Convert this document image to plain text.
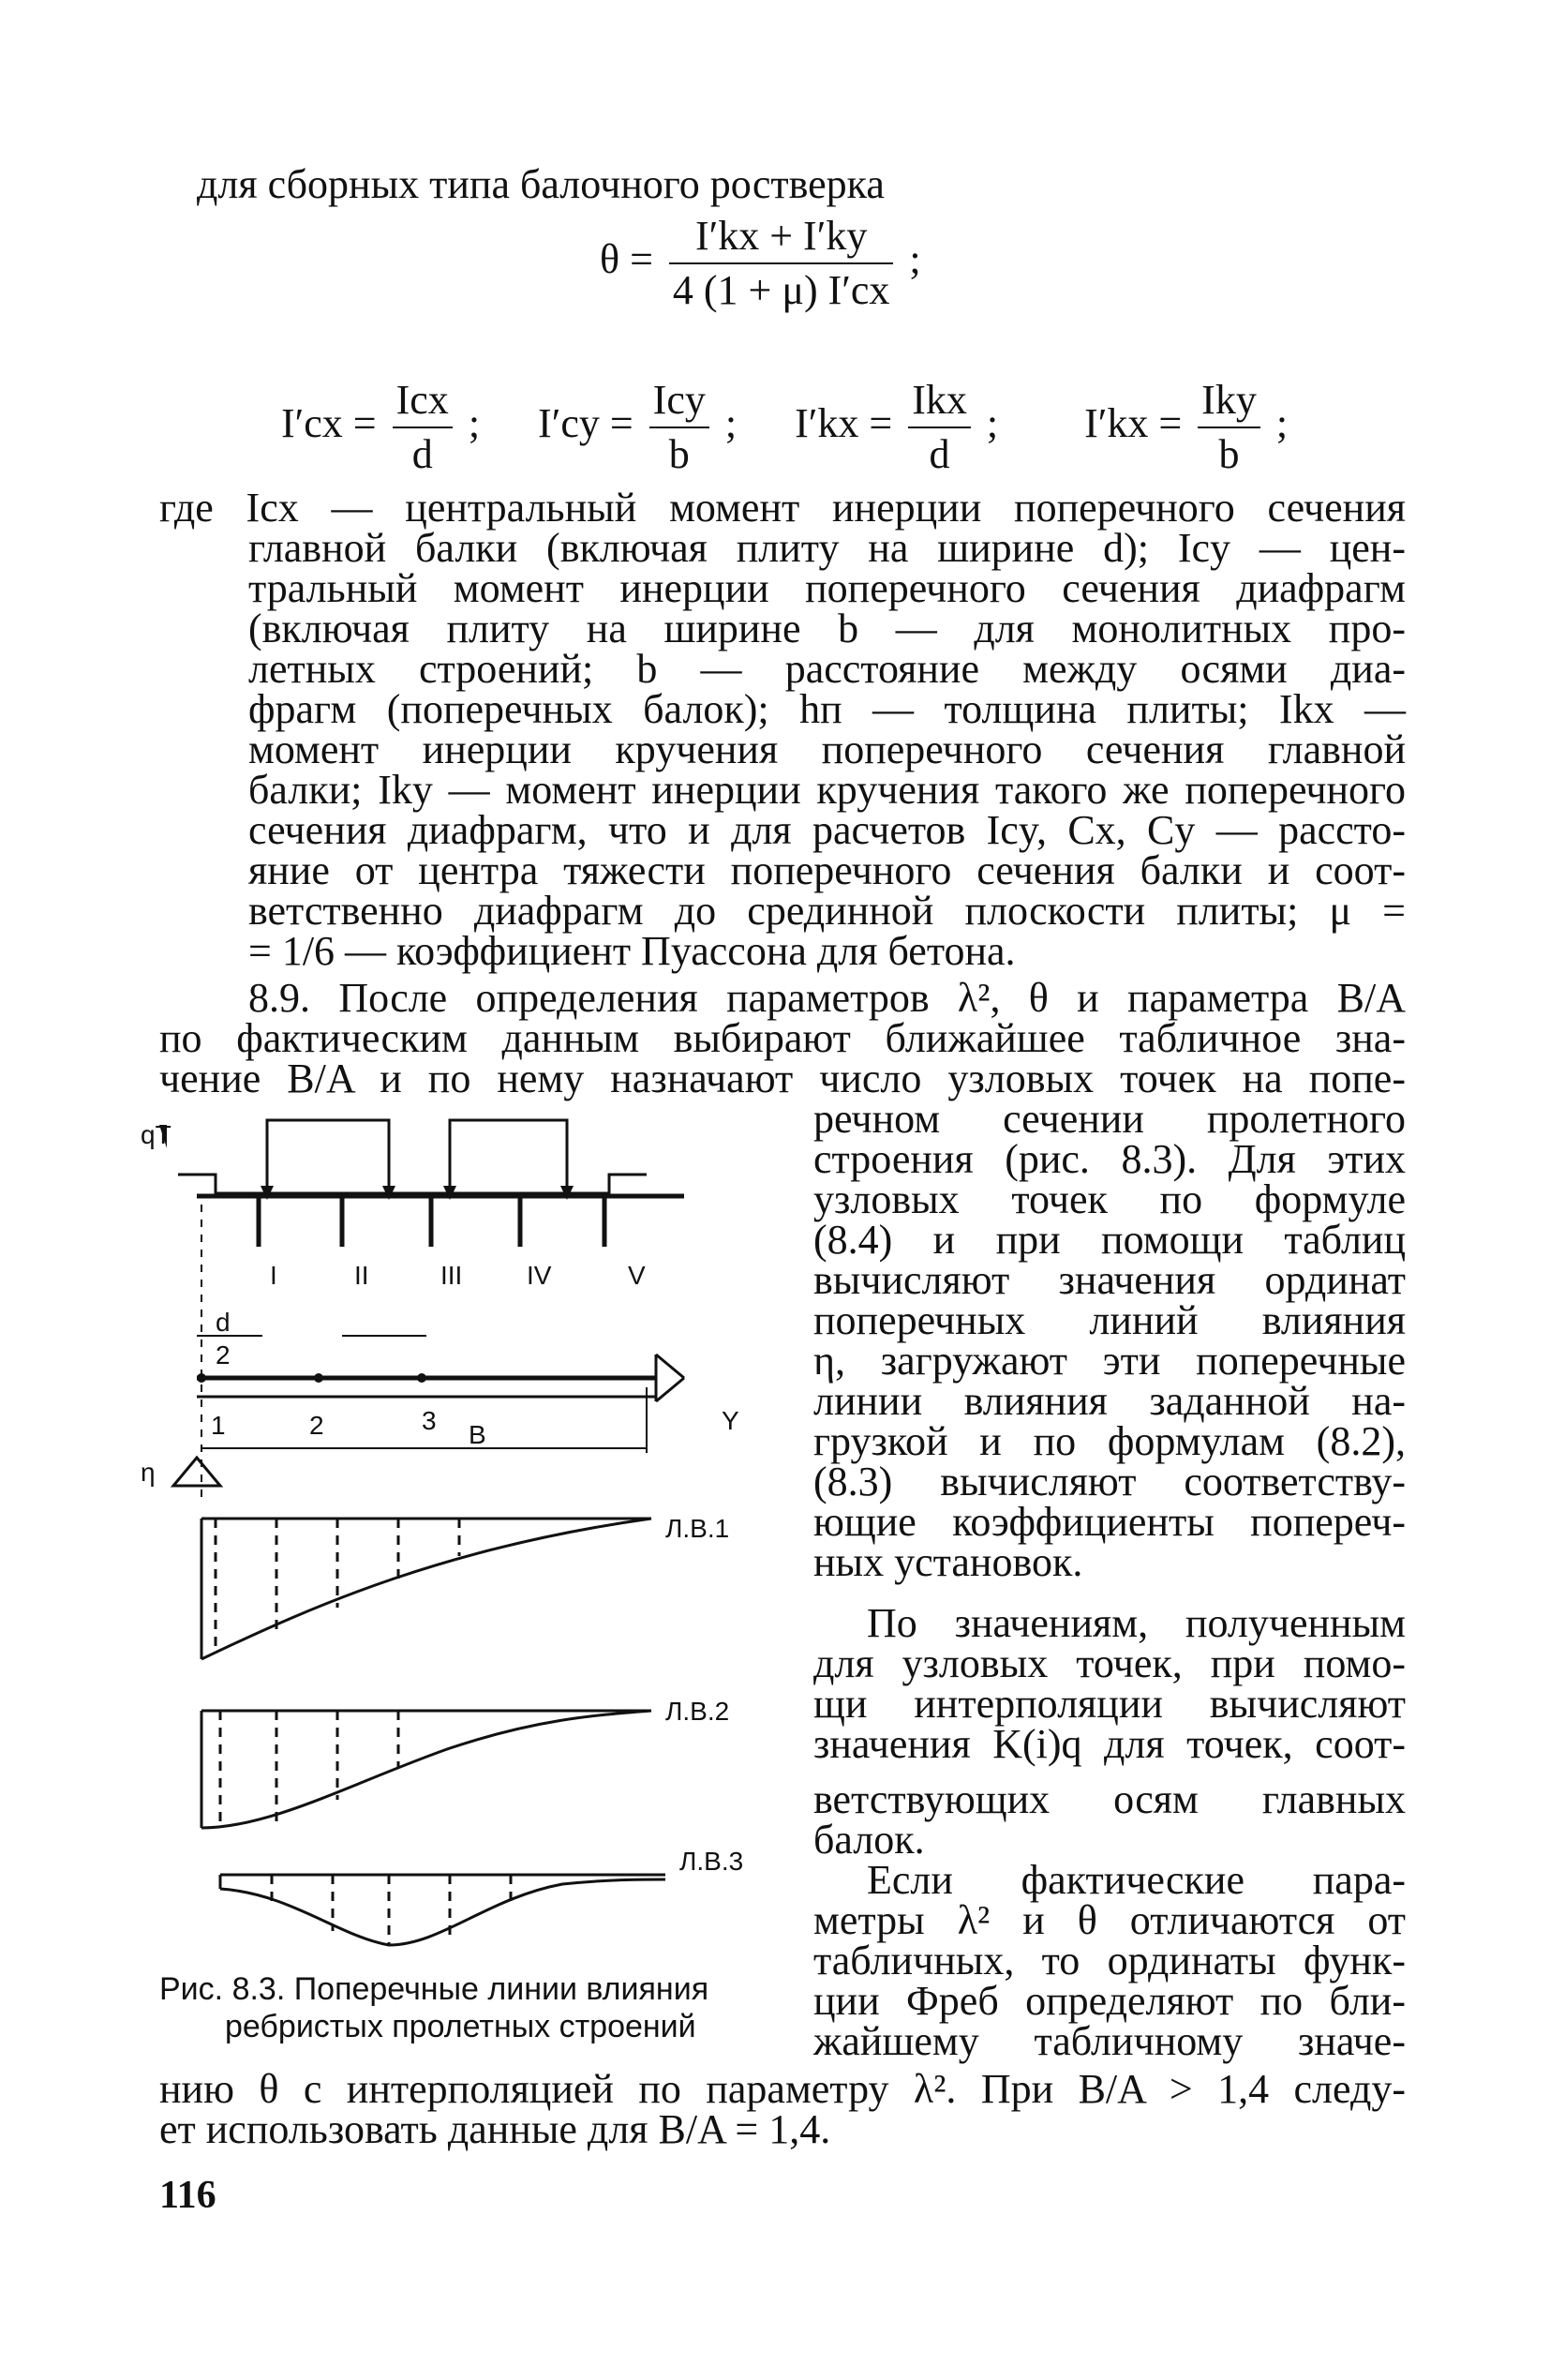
для сборных типа балочного ростверка
$\theta = \frac{I'kx + I'ky}{4 (1 + \mu) I'cx}$ ;
$I'cx = \frac{\text{Icx}}{d}$ ; $I'cy = \frac{\text{Icy}}{b}$ ; $I'kx = \frac{\text{Ikx}}{d}$ ; $I'kx = \frac{\text{Iky}}{b}$ ;
где Icx — центральный момент инерции поперечного сечения
главной балки (включая плиту на ширине d); Icy — цен-
тральный момент инерции поперечного сечения диафрагм
(включая плиту на ширине b — для монолитных про-
летных строений; b — расстояние между осями диа-
фрагм (поперечных балок); hп — толщина плиты; Ikx —
момент инерции кручения поперечного сечения главной
балки; Iky — момент инерции кручения такого же поперечного
сечения диафрагм, что и для расчетов Icy, Cx, Cy — рассто-
яние от центра тяжести поперечного сечения балки и соот-
ветственно диафрагм до срединной плоскости плиты; μ =
= 1/6 — коэффициент Пуассона для бетона.
8.9. После определения параметров λ², θ и параметра B/A
по фактическим данным выбирают ближайшее табличное зна-
чение B/A и по нему назначают число узловых точек на попе-
речном сечении пролетного
строения (рис. 8.3). Для этих
узловых точек по формуле
(8.4) и при помощи таблиц
вычисляют значения ординат
поперечных линий влияния
η, загружают эти поперечные
линии влияния заданной на-
грузкой и по формулам (8.2),
(8.3) вычисляют соответству-
ющие коэффициенты попереч-
ных установок.
По значениям, полученным
для узловых точек, при помо-
щи интерполяции вычисляют
значения K(i)q для точек, соот-
ветствующих осям главных
балок.
Если фактические пара-
метры λ² и θ отличаются от
табличных, то ординаты функ-
ции Фреб определяют по бли-
жайшему табличному значе-
нию θ с интерполяцией по параметру λ². При B/A > 1,4 следу-
ет использовать данные для B/A = 1,4.
Рис. 8.3. Поперечные линии влияния
ребристых пролетных строений
116
qT
I	II	III IV	V
d
2
1	2	3 B	Y
η
Л.В.1
Л.В.2
Л.В.3
